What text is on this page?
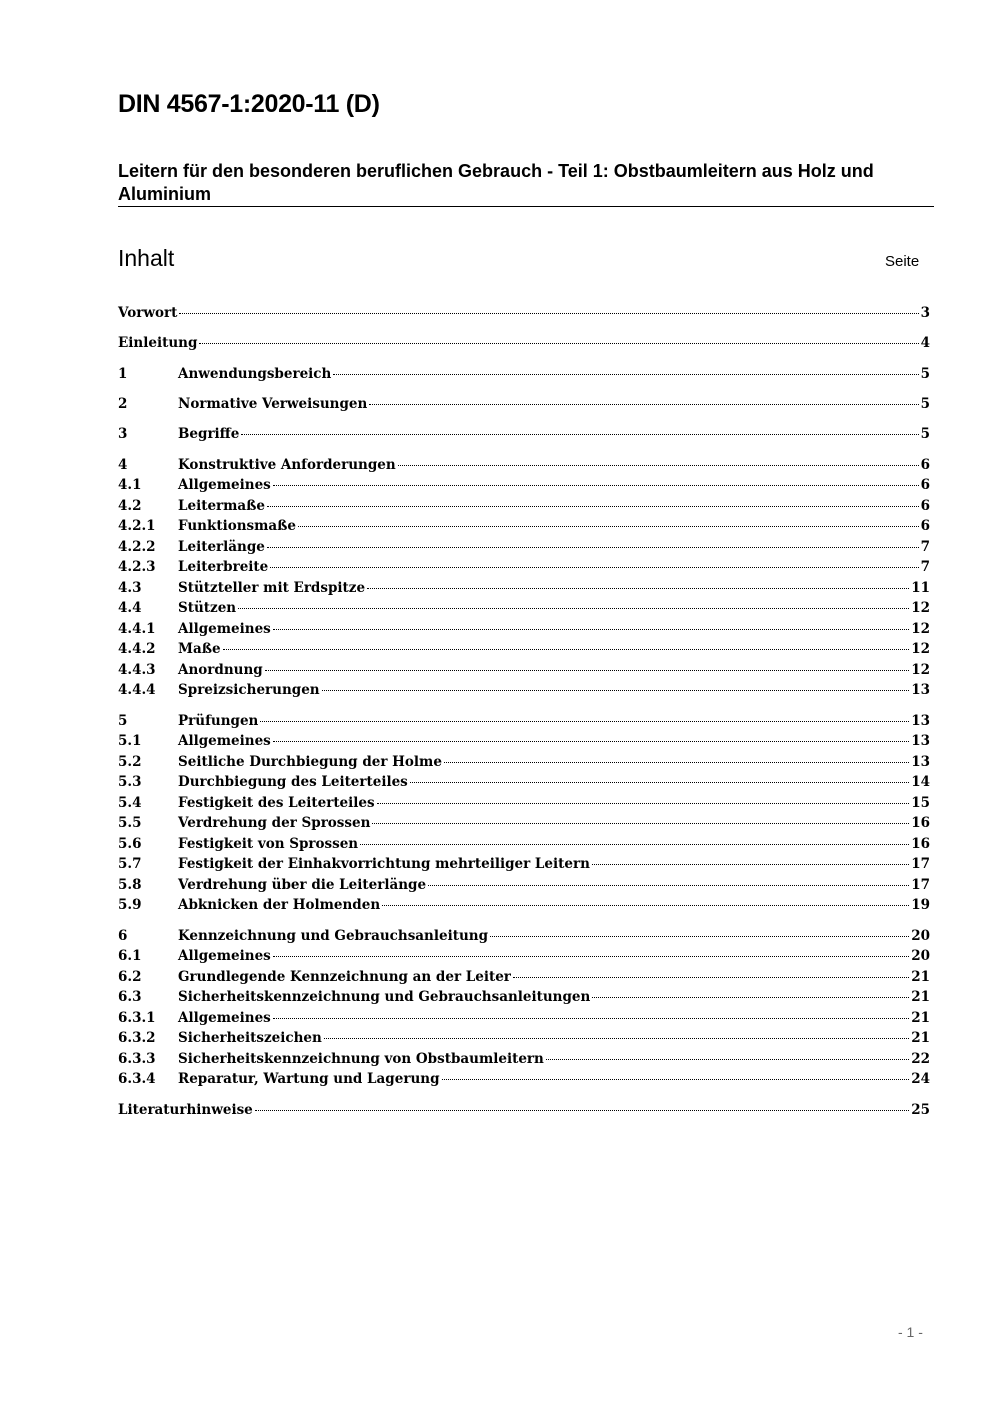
DIN 4567-1:2020-11 (D)
Leitern für den besonderen beruflichen Gebrauch - Teil 1: Obstbaumleitern aus Holz und Aluminium
Inhalt	Seite
Vorwort	3
Einleitung	4
1	Anwendungsbereich	5
2	Normative Verweisungen	5
3	Begriffe	5
4	Konstruktive Anforderungen	6
4.1	Allgemeines	6
4.2	Leitermaße	6
4.2.1	Funktionsmaße	6
4.2.2	Leiterlänge	7
4.2.3	Leiterbreite	7
4.3	Stützteller mit Erdspitze	11
4.4	Stützen	12
4.4.1	Allgemeines	12
4.4.2	Maße	12
4.4.3	Anordnung	12
4.4.4	Spreizsicherungen	13
5	Prüfungen	13
5.1	Allgemeines	13
5.2	Seitliche Durchbiegung der Holme	13
5.3	Durchbiegung des Leiterteiles	14
5.4	Festigkeit des Leiterteiles	15
5.5	Verdrehung der Sprossen	16
5.6	Festigkeit von Sprossen	16
5.7	Festigkeit der Einhakvorrichtung mehrteiliger Leitern	17
5.8	Verdrehung über die Leiterlänge	17
5.9	Abknicken der Holmenden	19
6	Kennzeichnung und Gebrauchsanleitung	20
6.1	Allgemeines	20
6.2	Grundlegende Kennzeichnung an der Leiter	21
6.3	Sicherheitskennzeichnung und Gebrauchsanleitungen	21
6.3.1	Allgemeines	21
6.3.2	Sicherheitszeichen	21
6.3.3	Sicherheitskennzeichnung von Obstbaumleitern	22
6.3.4	Reparatur, Wartung und Lagerung	24
Literaturhinweise	25
- 1 -
